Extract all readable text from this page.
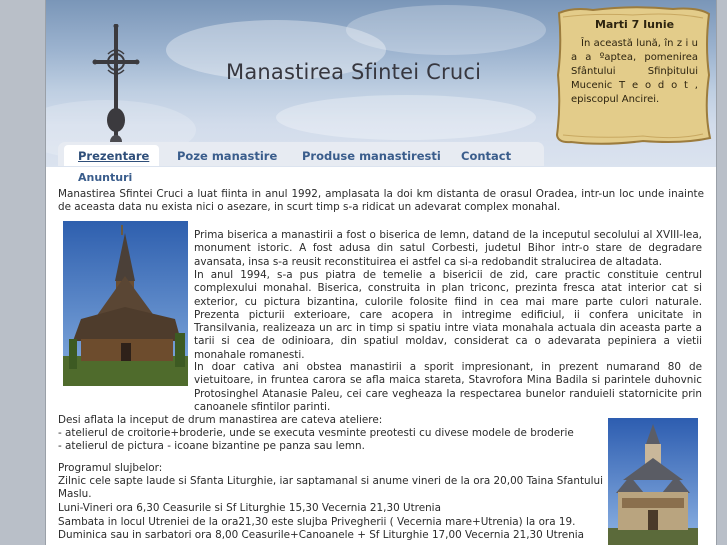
Manastirea Sfintei Cruci
Marti 7 Iunie
În această lună, în z i u a a ºaptea, pomenirea Sfântului Sfinþitului Mucenic T e o d o t , episcopul Ancirei.
Prezentare Poze manastire Produse manastiresti Contact
Anunturi

Manastirea Sfintei Cruci a luat fiinta in anul 1992, amplasata la doi km distanta de orasul Oradea, intr-un loc unde inainte de aceasta data nu exista nici o asezare, in scurt timp s-a ridicat un adevarat complex monahal.

Prima biserica a manastirii a fost o biserica de lemn, datand de la inceputul secolului al XVIII-lea, monument istoric. A fost adusa din satul Corbesti, judetul Bihor intr-o stare de degradare avansata, insa s-a reusit reconstituirea ei astfel ca si-a redobandit stralucirea de altadata.

In anul 1994, s-a pus piatra de temelie a bisericii de zid, care practic constituie centrul complexului monahal. Biserica, construita in plan triconc, prezinta fresca atat interior cat si exterior, cu pictura bizantina, culorile folosite fiind in cea mai mare parte culori naturale. Prezenta picturii exterioare, care acopera in intregime edificiul, ii confera unicitate in Transilvania, realizeaza un arc in timp si spatiu intre viata monahala actuala din aceasta parte a tarii si cea de odinioara, din spatiul moldav, considerat ca o adevarata pepiniera a vietii monahale romanesti.

In doar cativa ani obstea manastirii a sporit impresionant, in prezent numarand 80 de vietuitoare, in fruntea carora se afla maica stareta, Stavrofora Mina Badila si parintele duhovnic Protosinghel Atanasie Paleu, cei care vegheaza la respectarea bunelor randuieli statornicite prin canoanele sfintilor parinti.

Desi aflata la inceput de drum manastirea are cateva ateliere:
- atelierul de croitorie+broderie, unde se executa vesminte preotesti cu divese modele de broderie
- atelierul de pictura - icoane bizantine pe panza sau lemn.
Programul slujbelor:
Zilnic cele sapte laude si Sfanta Liturghie, iar saptamanal si anume vineri de la ora 20,00 Taina Sfantului Maslu.
Luni-Vineri ora 6,30 Ceasurile si Sf Liturghie 15,30 Vecernia 21,30 Utrenia
Sambata in locul Utreniei de la ora21,30 este slujba Privegherii ( Vecernia mare+Utrenia) la ora 19.
Duminica sau in sarbatori ora 8,00 Ceasurile+Canoanele + Sf Liturghie 17,00 Vecernia 21,30 Utrenia
